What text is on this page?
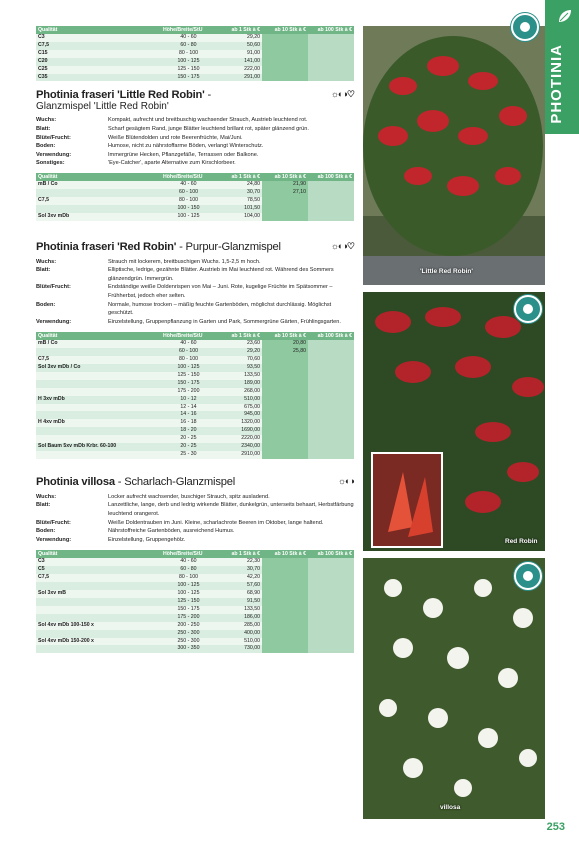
Qualität	Höhe/Breite/StU	ab 1 Stk à €	ab 10 Stk à €	ab 100 Stk à €
C3	40 - 60	29,20		
C7,5	60 - 80	50,60		
C15	80 - 100	91,00		
C20	100 - 125	141,00		
C25	125 - 150	222,00		
C35	150 - 175	291,00		
Photinia fraseri 'Little Red Robin' -	☼◐◑♡
Glanzmispel 'Little Red Robin'
Wuchs:	Kompakt, aufrecht und breitbuschig wachsender Strauch, Austrieb leuchtend rot.
Blatt:	Scharf gesägtem Rand, junge Blätter leuchtend brillant rot, später glänzend grün.
Blüte/Frucht:	Weiße Blütendolden und rote Beerenfrüchte, Mai/Juni.
Boden:	Humose, nicht zu nährstoffarme Böden, verlangt Winterschutz.
Verwendung:	Immergrüne Hecken, Pflanzgefäße, Terrassen oder Balkone.
Sonstiges:	'Eye-Catcher', aparte Alternative zum Kirschlorbeer.
Qualität	Höhe/Breite/StU	ab 1 Stk à €	ab 10 Stk à €	ab 100 Stk à €
mB / Co	40 - 60	24,80	21,90	
	60 - 100	30,70	27,10	
C7,5	80 - 100	78,50		
	100 - 150	101,50		
Sol 3xv mDb	100 - 125	104,00		
Photinia fraseri 'Red Robin' - Purpur-Glanzmispel	☼◐◑♡
Wuchs:	Strauch mit lockerem, breitbuschigen Wuchs. 1,5-2,5 m hoch.
Blatt:	Elliptische, ledrige, gezähnte Blätter. Austrieb im Mai leuchtend rot. Während des Sommers glänzendgrün. Immergrün.
Blüte/Frucht:	Endständige weiße Doldenrispen von Mai – Juni. Rote, kugelige Früchte im Spätsommer – Frühherbst, jedoch eher selten.
Boden:	Normale, humose trocken – mäßig feuchte Gartenböden, möglichst durchlässig. Möglichst geschützt.
Verwendung:	Einzelstellung, Gruppenpflanzung in Garten und Park, Sommergrüne Gärten, Frühlingsgarten.
Qualität	Höhe/Breite/StU	ab 1 Stk à €	ab 10 Stk à €	ab 100 Stk à €
mB / Co	40 - 60	23,60	20,80	
	60 - 100	29,20	25,80	
C7,5	80 - 100	70,60		
Sol 3xv mDb / Co	100 - 125	93,50		
	125 - 150	133,50		
	150 - 175	189,00		
	175 - 200	268,00		
H 3xv mDb	10 - 12	510,00		
	12 - 14	675,00		
	14 - 16	945,00		
H 4xv mDb	16 - 18	1320,00		
	18 - 20	1690,00		
	20 - 25	2220,00		
Sol Baum 5xv mDb Krbr. 60-100	20 - 25	2340,00		
	25 - 30	2910,00		
Photinia villosa - Scharlach-Glanzmispel	☼◐◑
Wuchs:	Locker aufrecht wachsender, buschiger Strauch, spitz ausladend.
Blatt:	Lanzettliche, lange, derb und ledrig wirkende Blätter, dunkelgrün, unterseits behaart, Herbstfärbung leuchtend orangerot.
Blüte/Frucht:	Weiße Doldentrauben im Juni. Kleine, scharlachrote Beeren im Oktober, lange haltend.
Boden:	Nährstoffreiche Gartenböden, ausreichend Humus.
Verwendung:	Einzelstellung, Gruppengehölz.
Qualität	Höhe/Breite/StU	ab 1 Stk à €	ab 10 Stk à €	ab 100 Stk à €
C3	40 - 60	22,30		
C5	60 - 80	30,70		
C7,5	80 - 100	42,20		
	100 - 125	57,60		
Sol 3xv mB	100 - 125	68,90		
	125 - 150	91,50		
	150 - 175	133,50		
	175 - 200	186,00		
Sol 4xv mDb 100-150 x	200 - 250	285,00		
	250 - 300	400,00		
Sol 4xv mDb 150-200 x	250 - 300	510,00		
	300 - 350	730,00		
'Little Red Robin'
Red Robin
villosa
PHOTINIA
253
